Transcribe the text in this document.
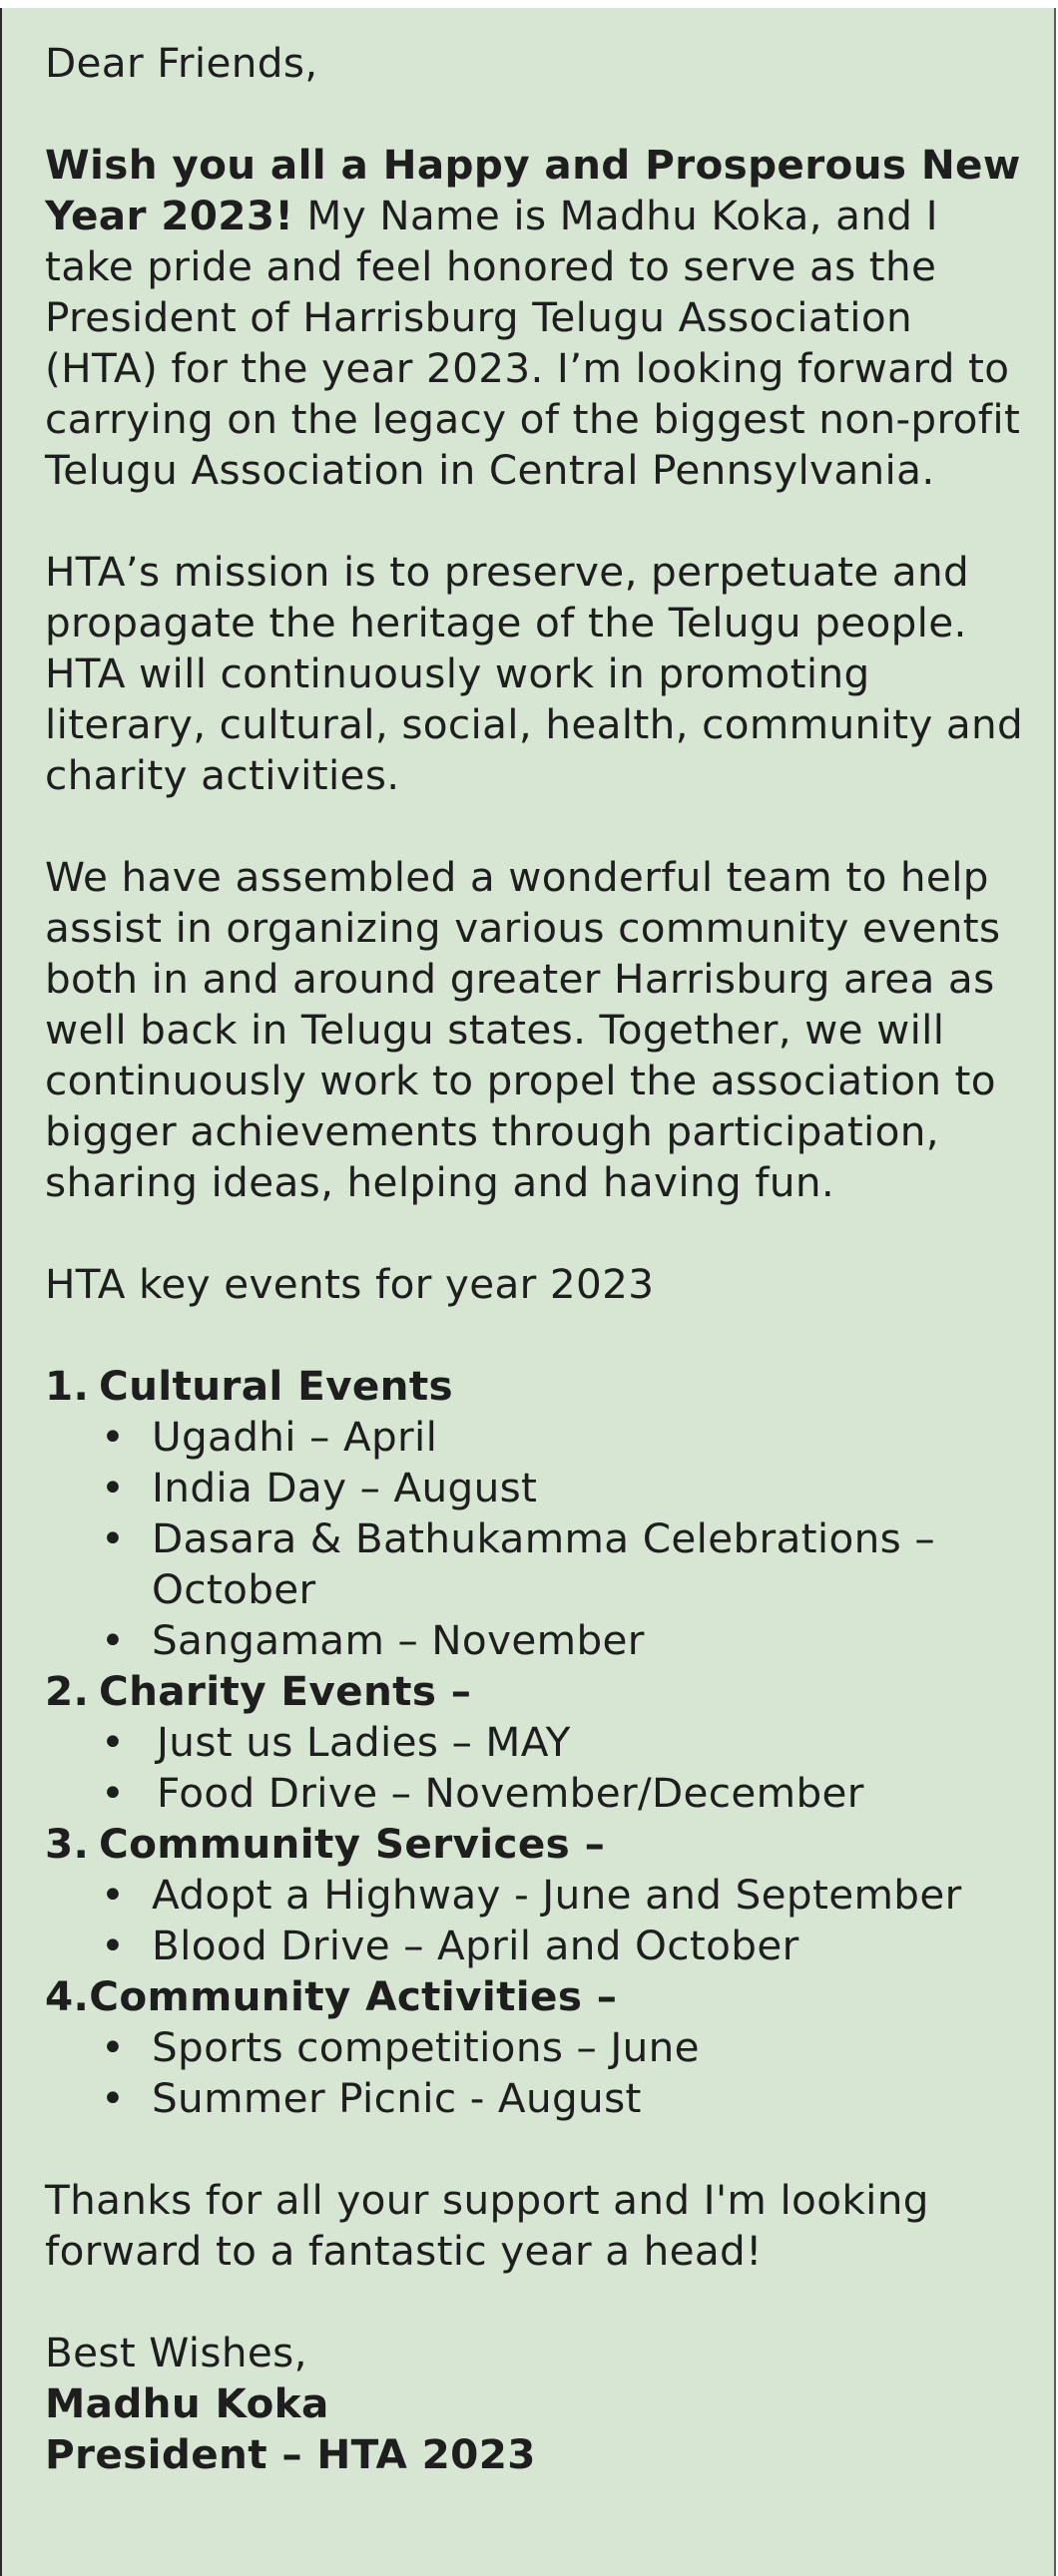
Dear Friends,

Wish you all a Happy and Prosperous New Year 2023! My Name is Madhu Koka, and I take pride and feel honored to serve as the President of Harrisburg Telugu Association (HTA) for the year 2023. I’m looking forward to carrying on the legacy of the biggest non-profit Telugu Association in Central Pennsylvania.

HTA’s mission is to preserve, perpetuate and propagate the heritage of the Telugu people. HTA will continuously work in promoting literary, cultural, social, health, community and charity activities.

We have assembled a wonderful team to help assist in organizing various community events both in and around greater Harrisburg area as well back in Telugu states. Together, we will continuously work to propel the association to bigger achievements through participation, sharing ideas, helping and having fun.

HTA key events for year 2023

1. Cultural Events
• Ugadhi – April
• India Day – August
• Dasara & Bathukamma Celebrations – October
• Sangamam – November
2. Charity Events –
• Just us Ladies – MAY
• Food Drive – November/December
3. Community Services –
• Adopt a Highway - June and September
• Blood Drive – April and October
4.Community Activities –
• Sports competitions – June
• Summer Picnic - August

Thanks for all your support and I'm looking forward to a fantastic year a head!

Best Wishes,
Madhu Koka
President – HTA 2023
